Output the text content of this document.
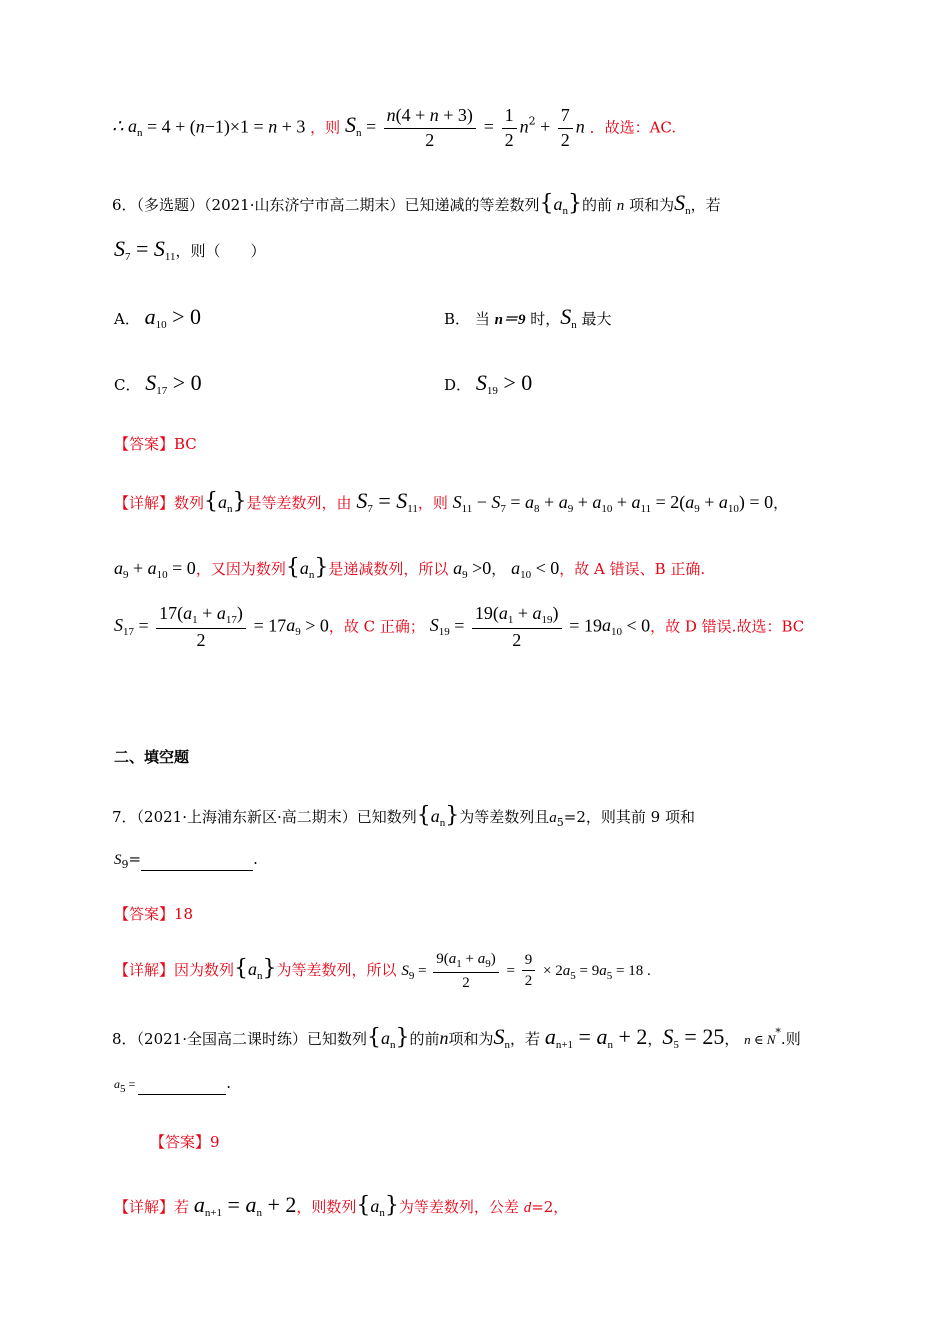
∴ $a_n = 4 + (n-1)\times 1 = n + 3$ ，则 $S_n = \frac{n(4 + n + 3)}{2} = \frac{1}{2} n^2 + \frac{7}{2}$ n ．故选：AC.
6．（多选题）（2021·山东济宁市高二期末）已知递减的等差数列$\{a_n\}$的前 n 项和为$S_n$，若
$S_7 = S_{11}$，则（　　）
A． $a_{10} > 0$	B． 当 n＝9 时，$S_n$ 最大
C． $S_{17} > 0$	D． $S_{19} > 0$
【答案】BC
【详解】数列$\{a_n\}$是等差数列，由 $S_7 = S_{11}$，则 $S_{11} - S_7 = a_8 + a_9 + a_{10} + a_{11} = 2(a_9 + a_{10}) = 0$，
$a_9 + a_{10} = 0$，又因为数列$\{a_n\}$是递减数列，所以 $a_9 >0$， $a_{10} < 0$，故 A 错误、B 正确.
$S_{17} = \frac{17(a_1 + a_{17})}{2} = 17a_9 > 0$，故 C 正确； $S_{19} = \frac{19(a_1 + a_{19})}{2} = 19a_{10} < 0$，故 D 错误.故选：BC
二、填空题
7．（2021·上海浦东新区·高二期末）已知数列$\{a_n\}$为等差数列且$a_5=2$，则其前 9 项和
$S_9=$	.
【答案】18
【详解】因为数列$\{a_n\}$为等差数列，所以 $S_9 = \frac{9(a_1 + a_9)}{2} = \frac{9}{2} \times 2a_5 = 9a_5 = 18$ .
8．（2021·全国高二课时练）已知数列$\{a_n\}$的前n项和为$S_n$，若 $a_{n+1} = a_n + 2$，$S_5 = 25$， n ∈ N*.则
$a_5$ =	.
【答案】9
【详解】若 $a_{n+1} = a_n + 2$，则数列$\{a_n\}$为等差数列，公差 d=2，
